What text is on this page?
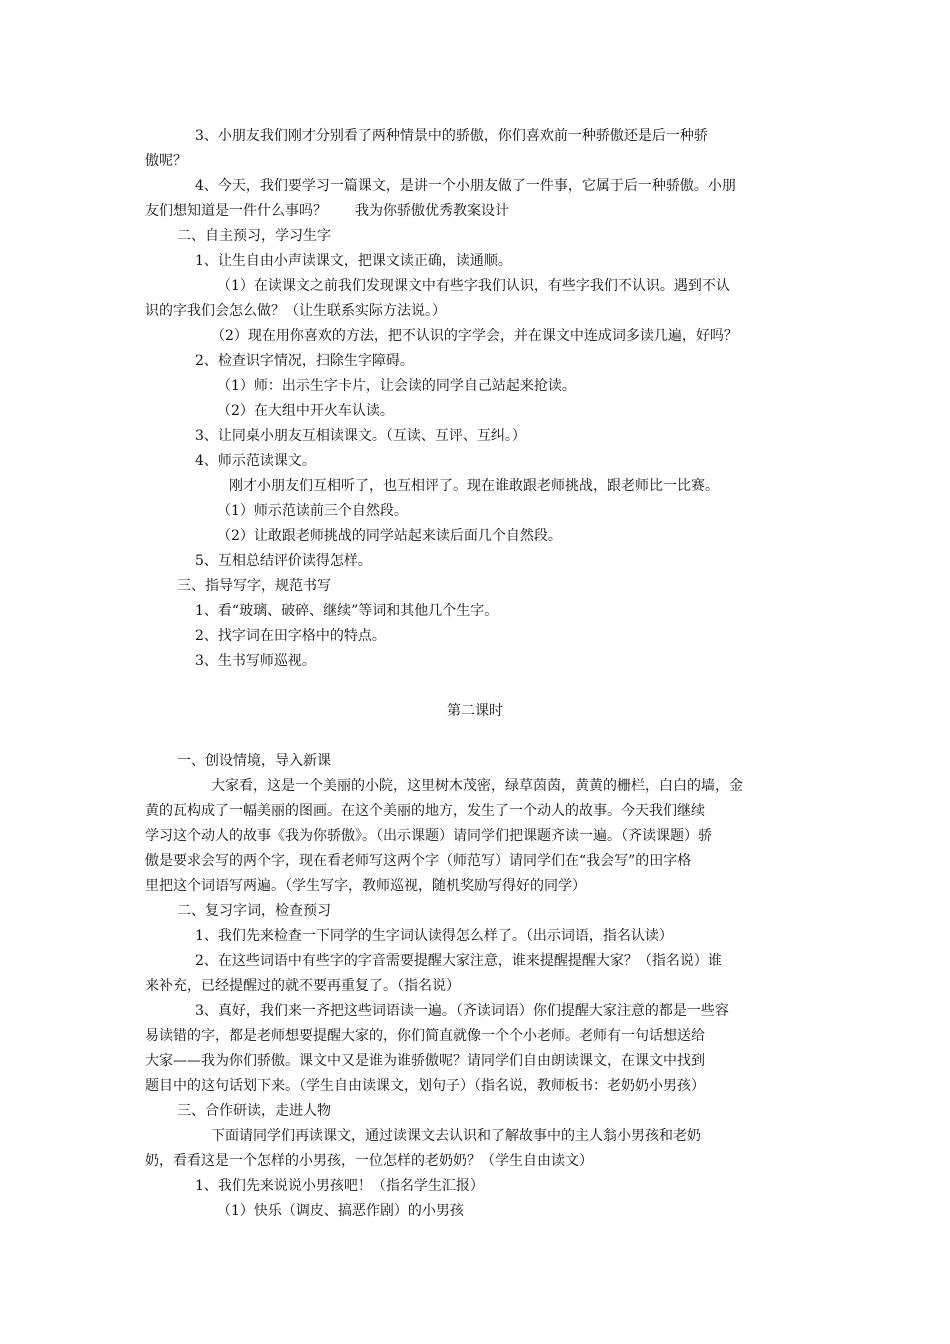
3、小朋友我们刚才分别看了两种情景中的骄傲，你们喜欢前一种骄傲还是后一种骄
傲呢？
4、今天，我们要学习一篇课文，是讲一个小朋友做了一件事，它属于后一种骄傲。小朋
友们想知道是一件什么事吗？　　我为你骄傲优秀教案设计
二、自主预习，学习生字
1、让生自由小声读课文，把课文读正确，读通顺。
（1）在读课文之前我们发现课文中有些字我们认识，有些字我们不认识。遇到不认
识的字我们会怎么做？（让生联系实际方法说。）
（2）现在用你喜欢的方法，把不认识的字学会，并在课文中连成词多读几遍，好吗？
2、检查识字情况，扫除生字障碍。
（1）师：出示生字卡片，让会读的同学自己站起来抢读。
（2）在大组中开火车认读。
3、让同桌小朋友互相读课文。（互读、互评、互纠。）
4、师示范读课文。
刚才小朋友们互相听了，也互相评了。现在谁敢跟老师挑战，跟老师比一比赛。
（1）师示范读前三个自然段。
（2）让敢跟老师挑战的同学站起来读后面几个自然段。
5、互相总结评价读得怎样。
三、指导写字，规范书写
1、看“玻璃、破碎、继续”等词和其他几个生字。
2、找字词在田字格中的特点。
3、生书写师巡视。
第二课时
一、创设情境，导入新课
大家看，这是一个美丽的小院，这里树木茂密，绿草茵茵，黄黄的栅栏，白白的墙，金
黄的瓦构成了一幅美丽的图画。在这个美丽的地方，发生了一个动人的故事。今天我们继续
学习这个动人的故事《我为你骄傲》。（出示课题）请同学们把课题齐读一遍。（齐读课题）骄
傲是要求会写的两个字，现在看老师写这两个字（师范写）请同学们在“我会写”的田字格
里把这个词语写两遍。（学生写字，教师巡视，随机奖励写得好的同学）
二、复习字词，检查预习
1、我们先来检查一下同学的生字词认读得怎么样了。（出示词语，指名认读）
2、在这些词语中有些字的字音需要提醒大家注意，谁来提醒提醒大家？（指名说）谁
来补充，已经提醒过的就不要再重复了。（指名说）
3、真好，我们来一齐把这些词语读一遍。（齐读词语）你们提醒大家注意的都是一些容
易读错的字，都是老师想要提醒大家的，你们简直就像一个个小老师。老师有一句话想送给
大家——我为你们骄傲。课文中又是谁为谁骄傲呢？请同学们自由朗读课文，在课文中找到
题目中的这句话划下来。（学生自由读课文，划句子）（指名说，教师板书：老奶奶小男孩）
三、合作研读，走进人物
下面请同学们再读课文，通过读课文去认识和了解故事中的主人翁小男孩和老奶
奶，看看这是一个怎样的小男孩，一位怎样的老奶奶？（学生自由读文）
1、我们先来说说小男孩吧！（指名学生汇报）
（1）快乐（调皮、搞恶作剧）的小男孩
